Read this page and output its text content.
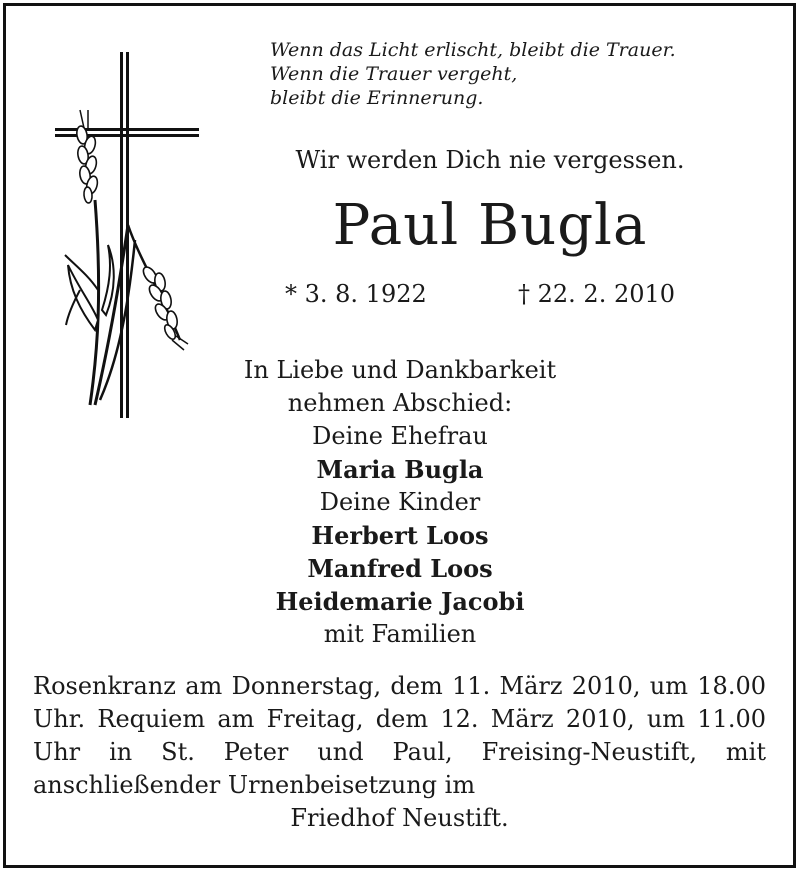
Wenn das Licht erlischt, bleibt die Trauer.
Wenn die Trauer vergeht,
bleibt die Erinnerung.
Wir werden Dich nie vergessen.
Paul Bugla
* 3. 8. 1922	† 22. 2. 2010
In Liebe und Dankbarkeit
nehmen Abschied:
Deine Ehefrau
Maria Bugla
Deine Kinder
Herbert Loos
Manfred Loos
Heidemarie Jacobi
mit Familien
Rosenkranz am Donnerstag, dem 11. März 2010, um 18.00 Uhr. Requiem am Freitag, dem 12. März 2010, um 11.00 Uhr in St. Peter und Paul, Freising-Neustift, mit anschließender Urnenbeisetzung im
Friedhof Neustift.
